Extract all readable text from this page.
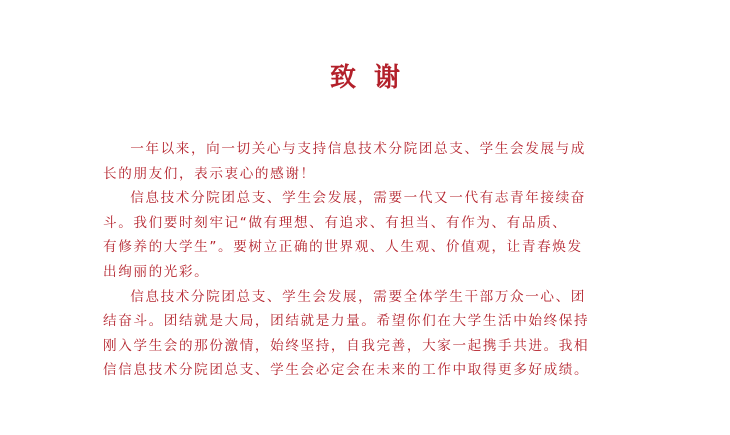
致谢

一年以来，向一切关心与支持信息技术分院团总支、学生会发展与成
长的朋友们，表示衷心的感谢！

信息技术分院团总支、学生会发展，需要一代又一代有志青年接续奋
斗。我们要时刻牢记“做有理想、有追求、有担当、有作为、有品质、
有修养的大学生”。要树立正确的世界观、人生观、价值观，让青春焕发
出绚丽的光彩。

信息技术分院团总支、学生会发展，需要全体学生干部万众一心、团
结奋斗。团结就是大局，团结就是力量。希望你们在大学生活中始终保持
刚入学生会的那份激情，始终坚持，自我完善，大家一起携手共进。我相
信信息技术分院团总支、学生会必定会在未来的工作中取得更多好成绩。
